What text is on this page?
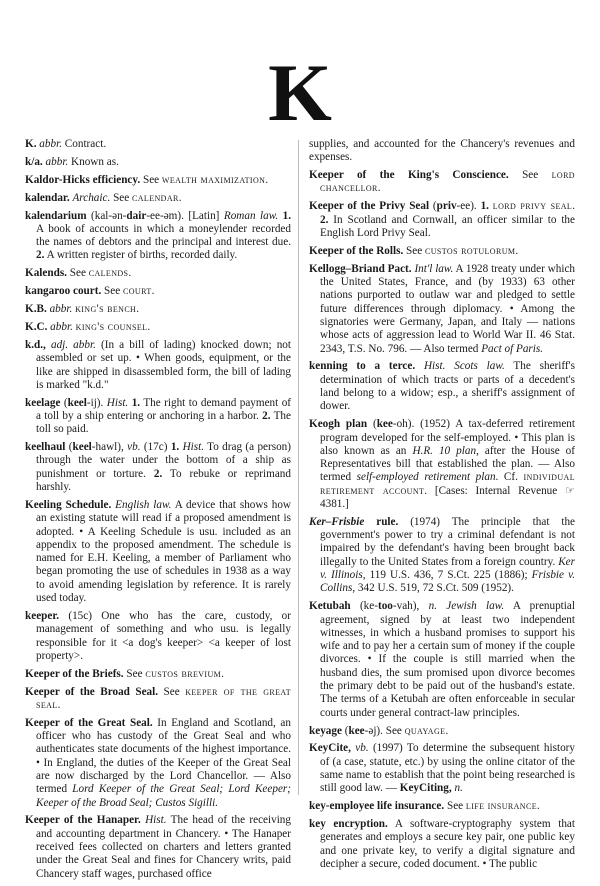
K
K. abbr. Contract.
k/a. abbr. Known as.
Kaldor-Hicks efficiency. See wealth maximization.
kalendar. Archaic. See calendar.
kalendarium (kal-ən-dair-ee-əm). [Latin] Roman law. 1. A book of accounts in which a moneylender recorded the names of debtors and the principal and interest due. 2. A written register of births, recorded daily.
Kalends. See calends.
kangaroo court. See court.
K.B. abbr. king's bench.
K.C. abbr. king's counsel.
k.d., adj. abbr. (In a bill of lading) knocked down; not assembled or set up. • When goods, equipment, or the like are shipped in disassembled form, the bill of lading is marked "k.d."
keelage (keel-ij). Hist. 1. The right to demand payment of a toll by a ship entering or anchoring in a harbor. 2. The toll so paid.
keelhaul (keel-hawl), vb. (17c) 1. Hist. To drag (a person) through the water under the bottom of a ship as punishment or torture. 2. To rebuke or reprimand harshly.
Keeling Schedule. English law. A device that shows how an existing statute will read if a proposed amendment is adopted. • A Keeling Schedule is usu. included as an appendix to the proposed amendment. The schedule is named for E.H. Keeling, a member of Parliament who began promoting the use of schedules in 1938 as a way to avoid amending legislation by reference. It is rarely used today.
keeper. (15c) One who has the care, custody, or management of something and who usu. is legally responsible for it <a dog's keeper> <a keeper of lost property>.
Keeper of the Briefs. See custos brevium.
Keeper of the Broad Seal. See keeper of the great seal.
Keeper of the Great Seal. In England and Scotland, an officer who has custody of the Great Seal and who authenticates state documents of the highest importance. • In England, the duties of the Keeper of the Great Seal are now discharged by the Lord Chancellor. — Also termed Lord Keeper of the Great Seal; Lord Keeper; Keeper of the Broad Seal; Custos Sigilli.
Keeper of the Hanaper. Hist. The head of the receiving and accounting department in Chancery. • The Hanaper received fees collected on charters and letters granted under the Great Seal and fines for Chancery writs, paid Chancery staff wages, purchased office
supplies, and accounted for the Chancery's revenues and expenses.
Keeper of the King's Conscience. See lord chancellor.
Keeper of the Privy Seal (priv-ee). 1. lord privy seal. 2. In Scotland and Cornwall, an officer similar to the English Lord Privy Seal.
Keeper of the Rolls. See custos rotulorum.
Kellogg–Briand Pact. Int'l law. A 1928 treaty under which the United States, France, and (by 1933) 63 other nations purported to outlaw war and pledged to settle future differences through diplomacy. • Among the signatories were Germany, Japan, and Italy — nations whose acts of aggression lead to World War II. 46 Stat. 2343, T.S. No. 796. — Also termed Pact of Paris.
kenning to a terce. Hist. Scots law. The sheriff's determination of which tracts or parts of a decedent's land belong to a widow; esp., a sheriff's assignment of dower.
Keogh plan (kee-oh). (1952) A tax-deferred retirement program developed for the self-employed. • This plan is also known as an H.R. 10 plan, after the House of Representatives bill that established the plan. — Also termed self-employed retirement plan. Cf. individual retirement account. [Cases: Internal Revenue ☞ 4381.]
Ker–Frisbie rule. (1974) The principle that the government's power to try a criminal defendant is not impaired by the defendant's having been brought back illegally to the United States from a foreign country. Ker v. Illinois, 119 U.S. 436, 7 S.Ct. 225 (1886); Frisbie v. Collins, 342 U.S. 519, 72 S.Ct. 509 (1952).
Ketubah (ke-too-vah), n. Jewish law. A prenuptial agreement, signed by at least two independent witnesses, in which a husband promises to support his wife and to pay her a certain sum of money if the couple divorces. • If the couple is still married when the husband dies, the sum promised upon divorce becomes the primary debt to be paid out of the husband's estate. The terms of a Ketubah are often enforceable in secular courts under general contract-law principles.
keyage (kee-əj). See quayage.
KeyCite, vb. (1997) To determine the subsequent history of (a case, statute, etc.) by using the online citator of the same name to establish that the point being researched is still good law. — KeyCiting, n.
key-employee life insurance. See life insurance.
key encryption. A software-cryptography system that generates and employs a secure key pair, one public key and one private key, to verify a digital signature and decipher a secure, coded document. • The public
